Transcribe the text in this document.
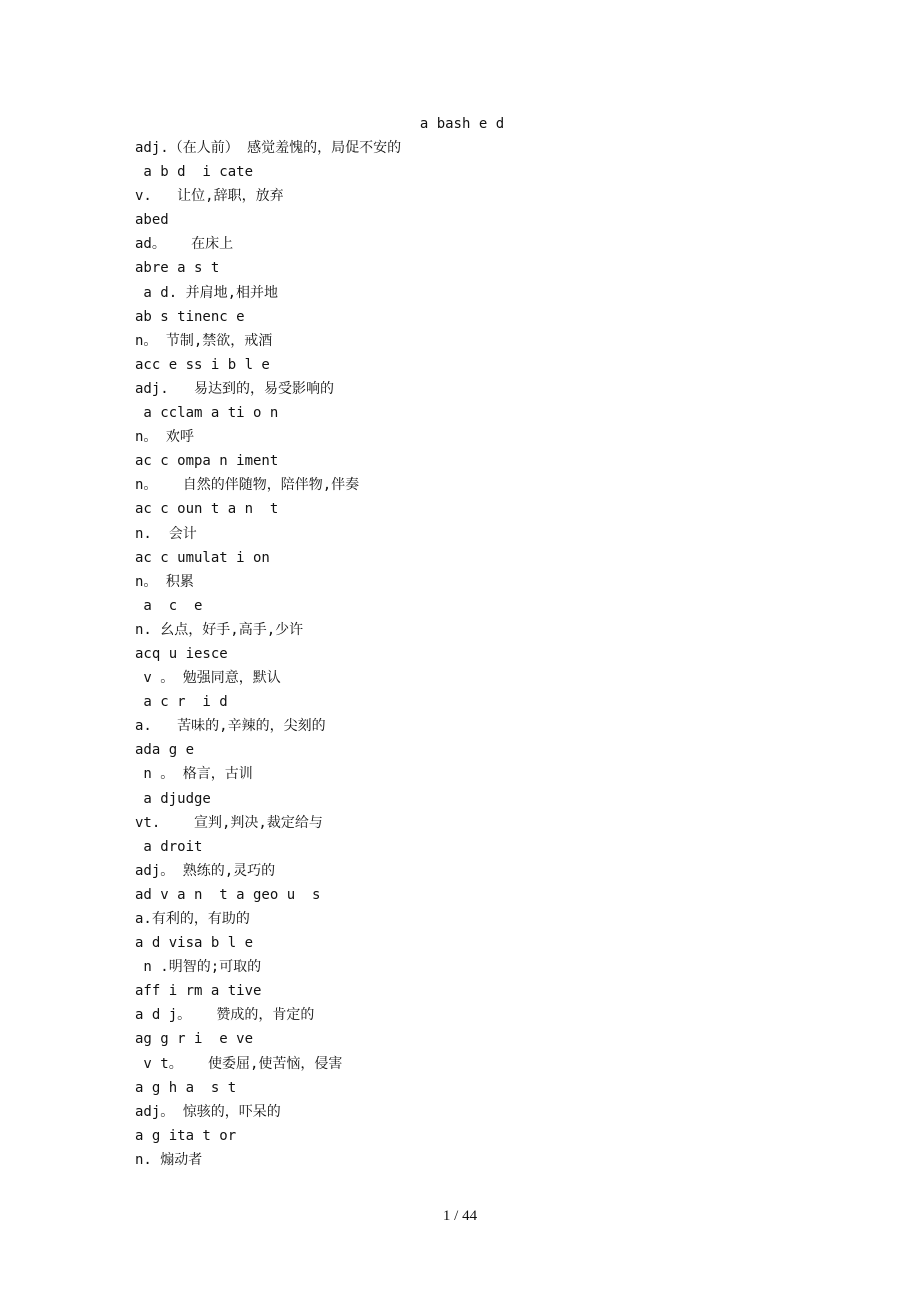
a bash e d
adj.（在人前） 感觉羞愧的，局促不安的
a b d  i cate
v.   让位,辞职，放弃
abed
ad。   在床上
abre a s t
a d. 并肩地,相并地
ab s tinenc e
n。 节制,禁欲，戒酒
acc e ss i b l e
adj.   易达到的，易受影响的
a cclam a ti o n
n。 欢呼
ac c ompa n iment
n。   自然的伴随物，陪伴物,伴奏
ac c oun t a n  t
n.  会计
ac c umulat i on
n。 积累
a  c  e
n. 幺点，好手,高手,少许
acq u iesce
v 。 勉强同意，默认
a c r  i d
a.   苦味的,辛辣的，尖刻的
ada g e
n 。 格言，古训
a djudge
vt.    宣判,判决,裁定给与
a droit
adj。 熟练的,灵巧的
ad v a n  t a geo u  s
a.有利的，有助的
a d visa b l e
n .明智的;可取的
aff i rm a tive
a d j。   赞成的，肯定的
ag g r i  e ve
v t。   使委屈,使苦恼，侵害
a g h a  s t
adj。 惊骇的，吓呆的
a g ita t or
n. 煽动者
1 / 44
